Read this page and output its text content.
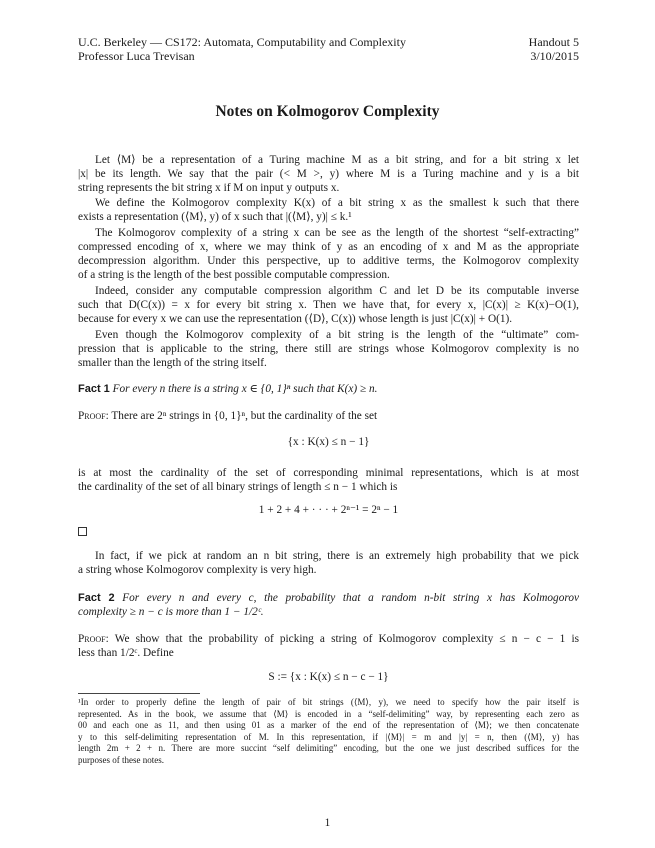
U.C. Berkeley — CS172: Automata, Computability and Complexity
Professor Luca Trevisan
Handout 5
3/10/2015
Notes on Kolmogorov Complexity
Let ⟨M⟩ be a representation of a Turing machine M as a bit string, and for a bit string x let
|x| be its length. We say that the pair (< M >, y) where M is a Turing machine and y is a bit
string represents the bit string x if M on input y outputs x.
We define the Kolmogorov complexity K(x) of a bit string x as the smallest k such that there
exists a representation (⟨M⟩, y) of x such that |(⟨M⟩, y)| ≤ k.¹
The Kolmogorov complexity of a string x can be see as the length of the shortest “self-extracting”
compressed encoding of x, where we may think of y as an encoding of x and M as the appropriate
decompression algorithm. Under this perspective, up to additive terms, the Kolmogorov complexity
of a string is the length of the best possible computable compression.
Indeed, consider any computable compression algorithm C and let D be its computable inverse
such that D(C(x)) = x for every bit string x. Then we have that, for every x, |C(x)| ≥ K(x)−O(1),
because for every x we can use the representation (⟨D⟩, C(x)) whose length is just |C(x)| + O(1).
Even though the Kolmogorov complexity of a bit string is the length of the “ultimate” com-
pression that is applicable to the string, there still are strings whose Kolmogorov complexity is no
smaller than the length of the string itself.
Fact 1 For every n there is a string x ∈ {0, 1}ⁿ such that K(x) ≥ n.
Proof: There are 2ⁿ strings in {0, 1}ⁿ, but the cardinality of the set
{x : K(x) ≤ n − 1}
is at most the cardinality of the set of corresponding minimal representations, which is at most
the cardinality of the set of all binary strings of length ≤ n − 1 which is
1 + 2 + 4 + · · · + 2ⁿ⁻¹ = 2ⁿ − 1
In fact, if we pick at random an n bit string, there is an extremely high probability that we pick
a string whose Kolmogorov complexity is very high.
Fact 2 For every n and every c, the probability that a random n-bit string x has Kolmogorov
complexity ≥ n − c is more than 1 − 1/2ᶜ.
Proof: We show that the probability of picking a string of Kolmogorov complexity ≤ n − c − 1 is
less than 1/2ᶜ. Define
S := {x : K(x) ≤ n − c − 1}
¹In order to properly define the length of pair of bit strings (⟨M⟩, y), we need to specify how the pair itself is
represented. As in the book, we assume that ⟨M⟩ is encoded in a “self-delimiting” way, by representing each zero as
00 and each one as 11, and then using 01 as a marker of the end of the representation of ⟨M⟩; we then concatenate
y to this self-delimiting representation of M. In this representation, if |⟨M⟩| = m and |y| = n, then (⟨M⟩, y) has
length 2m + 2 + n. There are more succint “self delimiting” encoding, but the one we just described suffices for the
purposes of these notes.
1
